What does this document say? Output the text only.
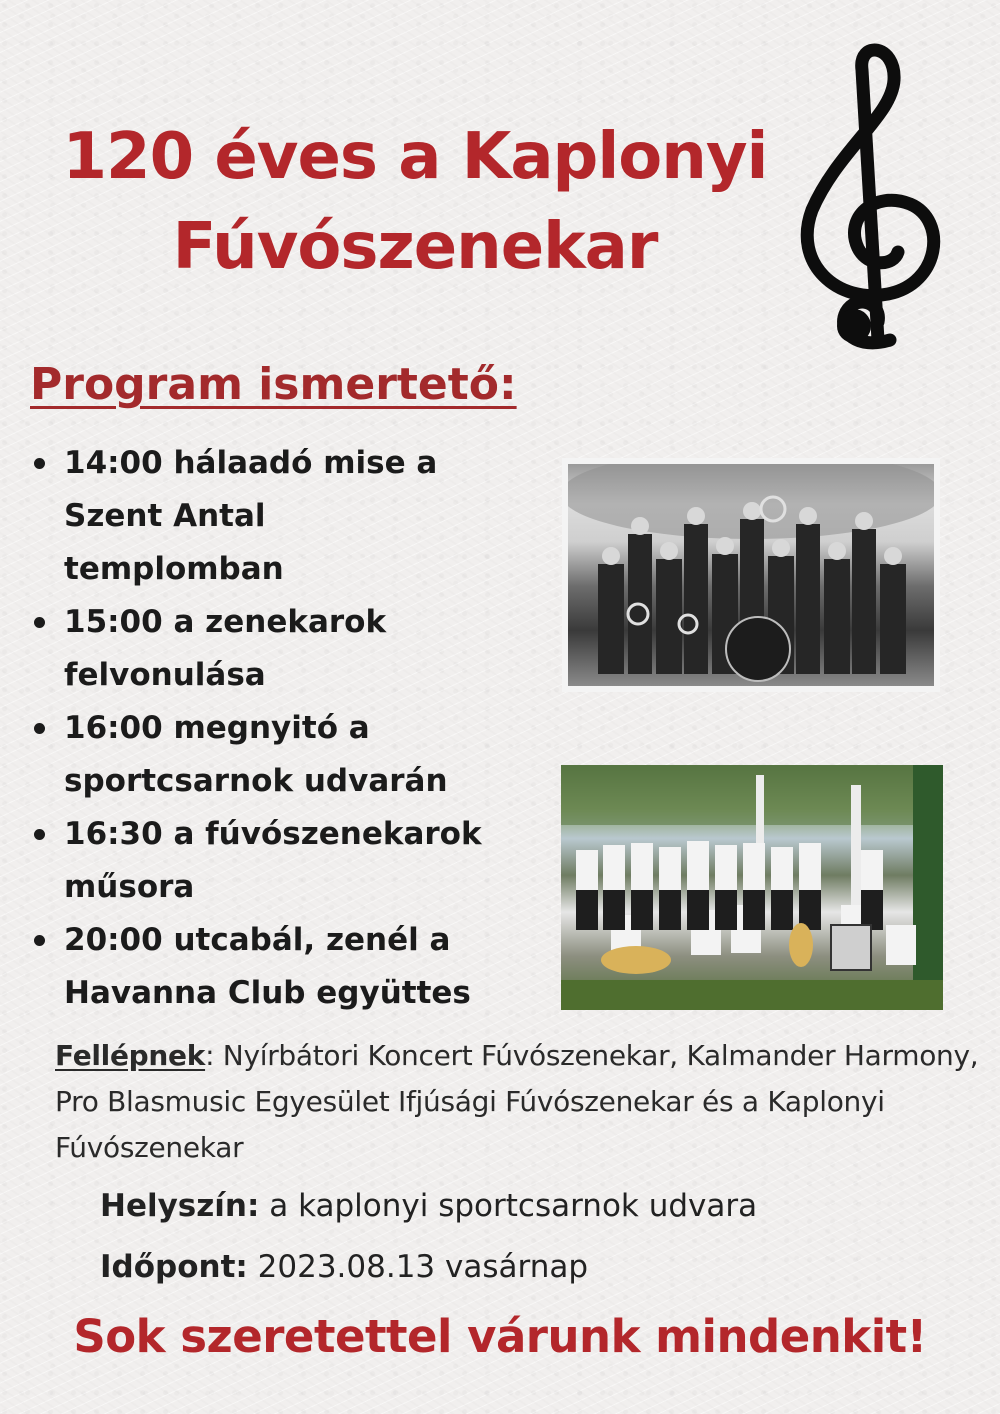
120 éves a Kaplonyi
Fúvószenekar
Program ismertető:
14:00 hálaadó mise a
Szent Antal
templomban
15:00 a zenekarok
felvonulása
16:00 megnyitó a
sportcsarnok udvarán
16:30 a fúvószenekarok
műsora
20:00 utcabál, zenél a
Havanna Club együttes

Fellépnek: Nyírbátori Koncert Fúvószenekar, Kalmander Harmony, Pro Blasmusic Egyesület Ifjúsági Fúvószenekar és a Kaplonyi Fúvószenekar

Helyszín: a kaplonyi sportcsarnok udvara

Időpont: 2023.08.13 vasárnap

Sok szeretettel várunk mindenkit!
